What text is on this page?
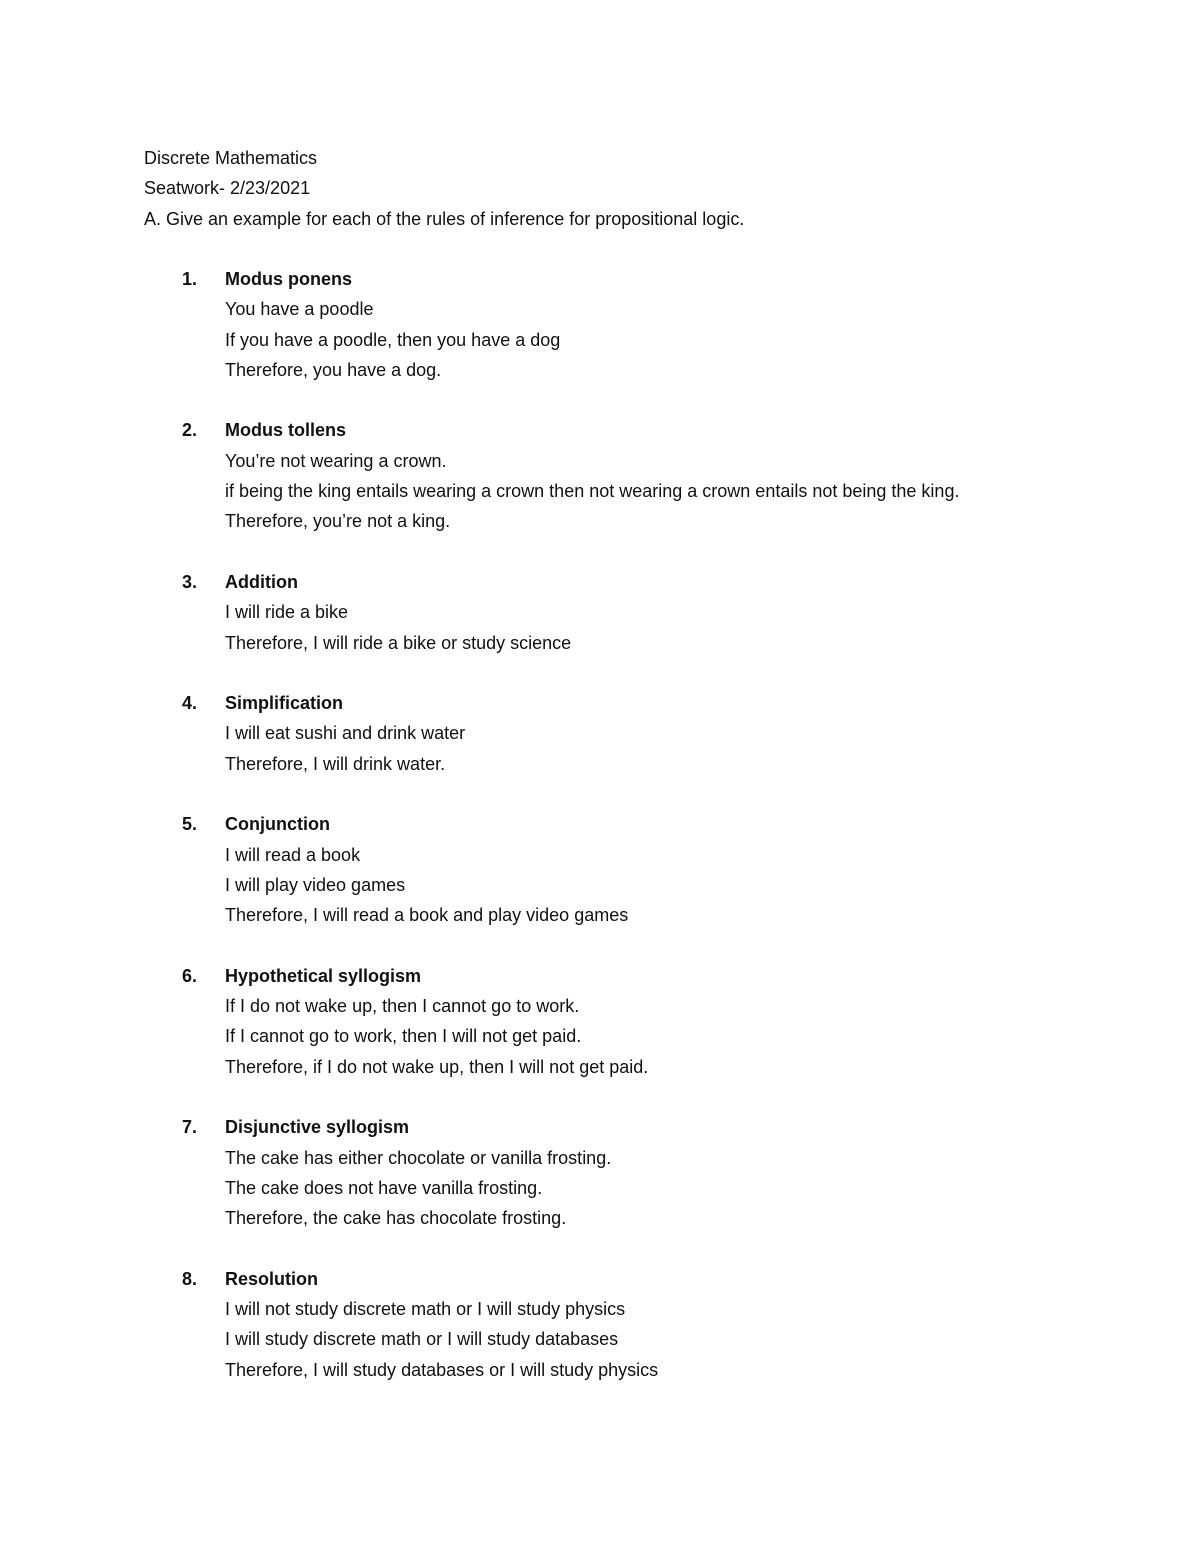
Discrete Mathematics
Seatwork- 2/23/2021
A. Give an example for each of the rules of inference for propositional logic.
1. Modus ponens
You have a poodle
If you have a poodle, then you have a dog
Therefore, you have a dog.
2. Modus tollens
You’re not wearing a crown.
if being the king entails wearing a crown then not wearing a crown entails not being the king.
Therefore, you’re not a king.
3. Addition
I will ride a bike
Therefore, I will ride a bike or study science
4. Simplification
I will eat sushi and drink water
Therefore, I will drink water.
5. Conjunction
I will read a book
I will play video games
Therefore, I will read a book and play video games
6. Hypothetical syllogism
If I do not wake up, then I cannot go to work.
If I cannot go to work, then I will not get paid.
Therefore, if I do not wake up, then I will not get paid.
7. Disjunctive syllogism
The cake has either chocolate or vanilla frosting.
The cake does not have vanilla frosting.
Therefore, the cake has chocolate frosting.
8. Resolution
I will not study discrete math or I will study physics
I will study discrete math or I will study databases
Therefore, I will study databases or I will study physics
